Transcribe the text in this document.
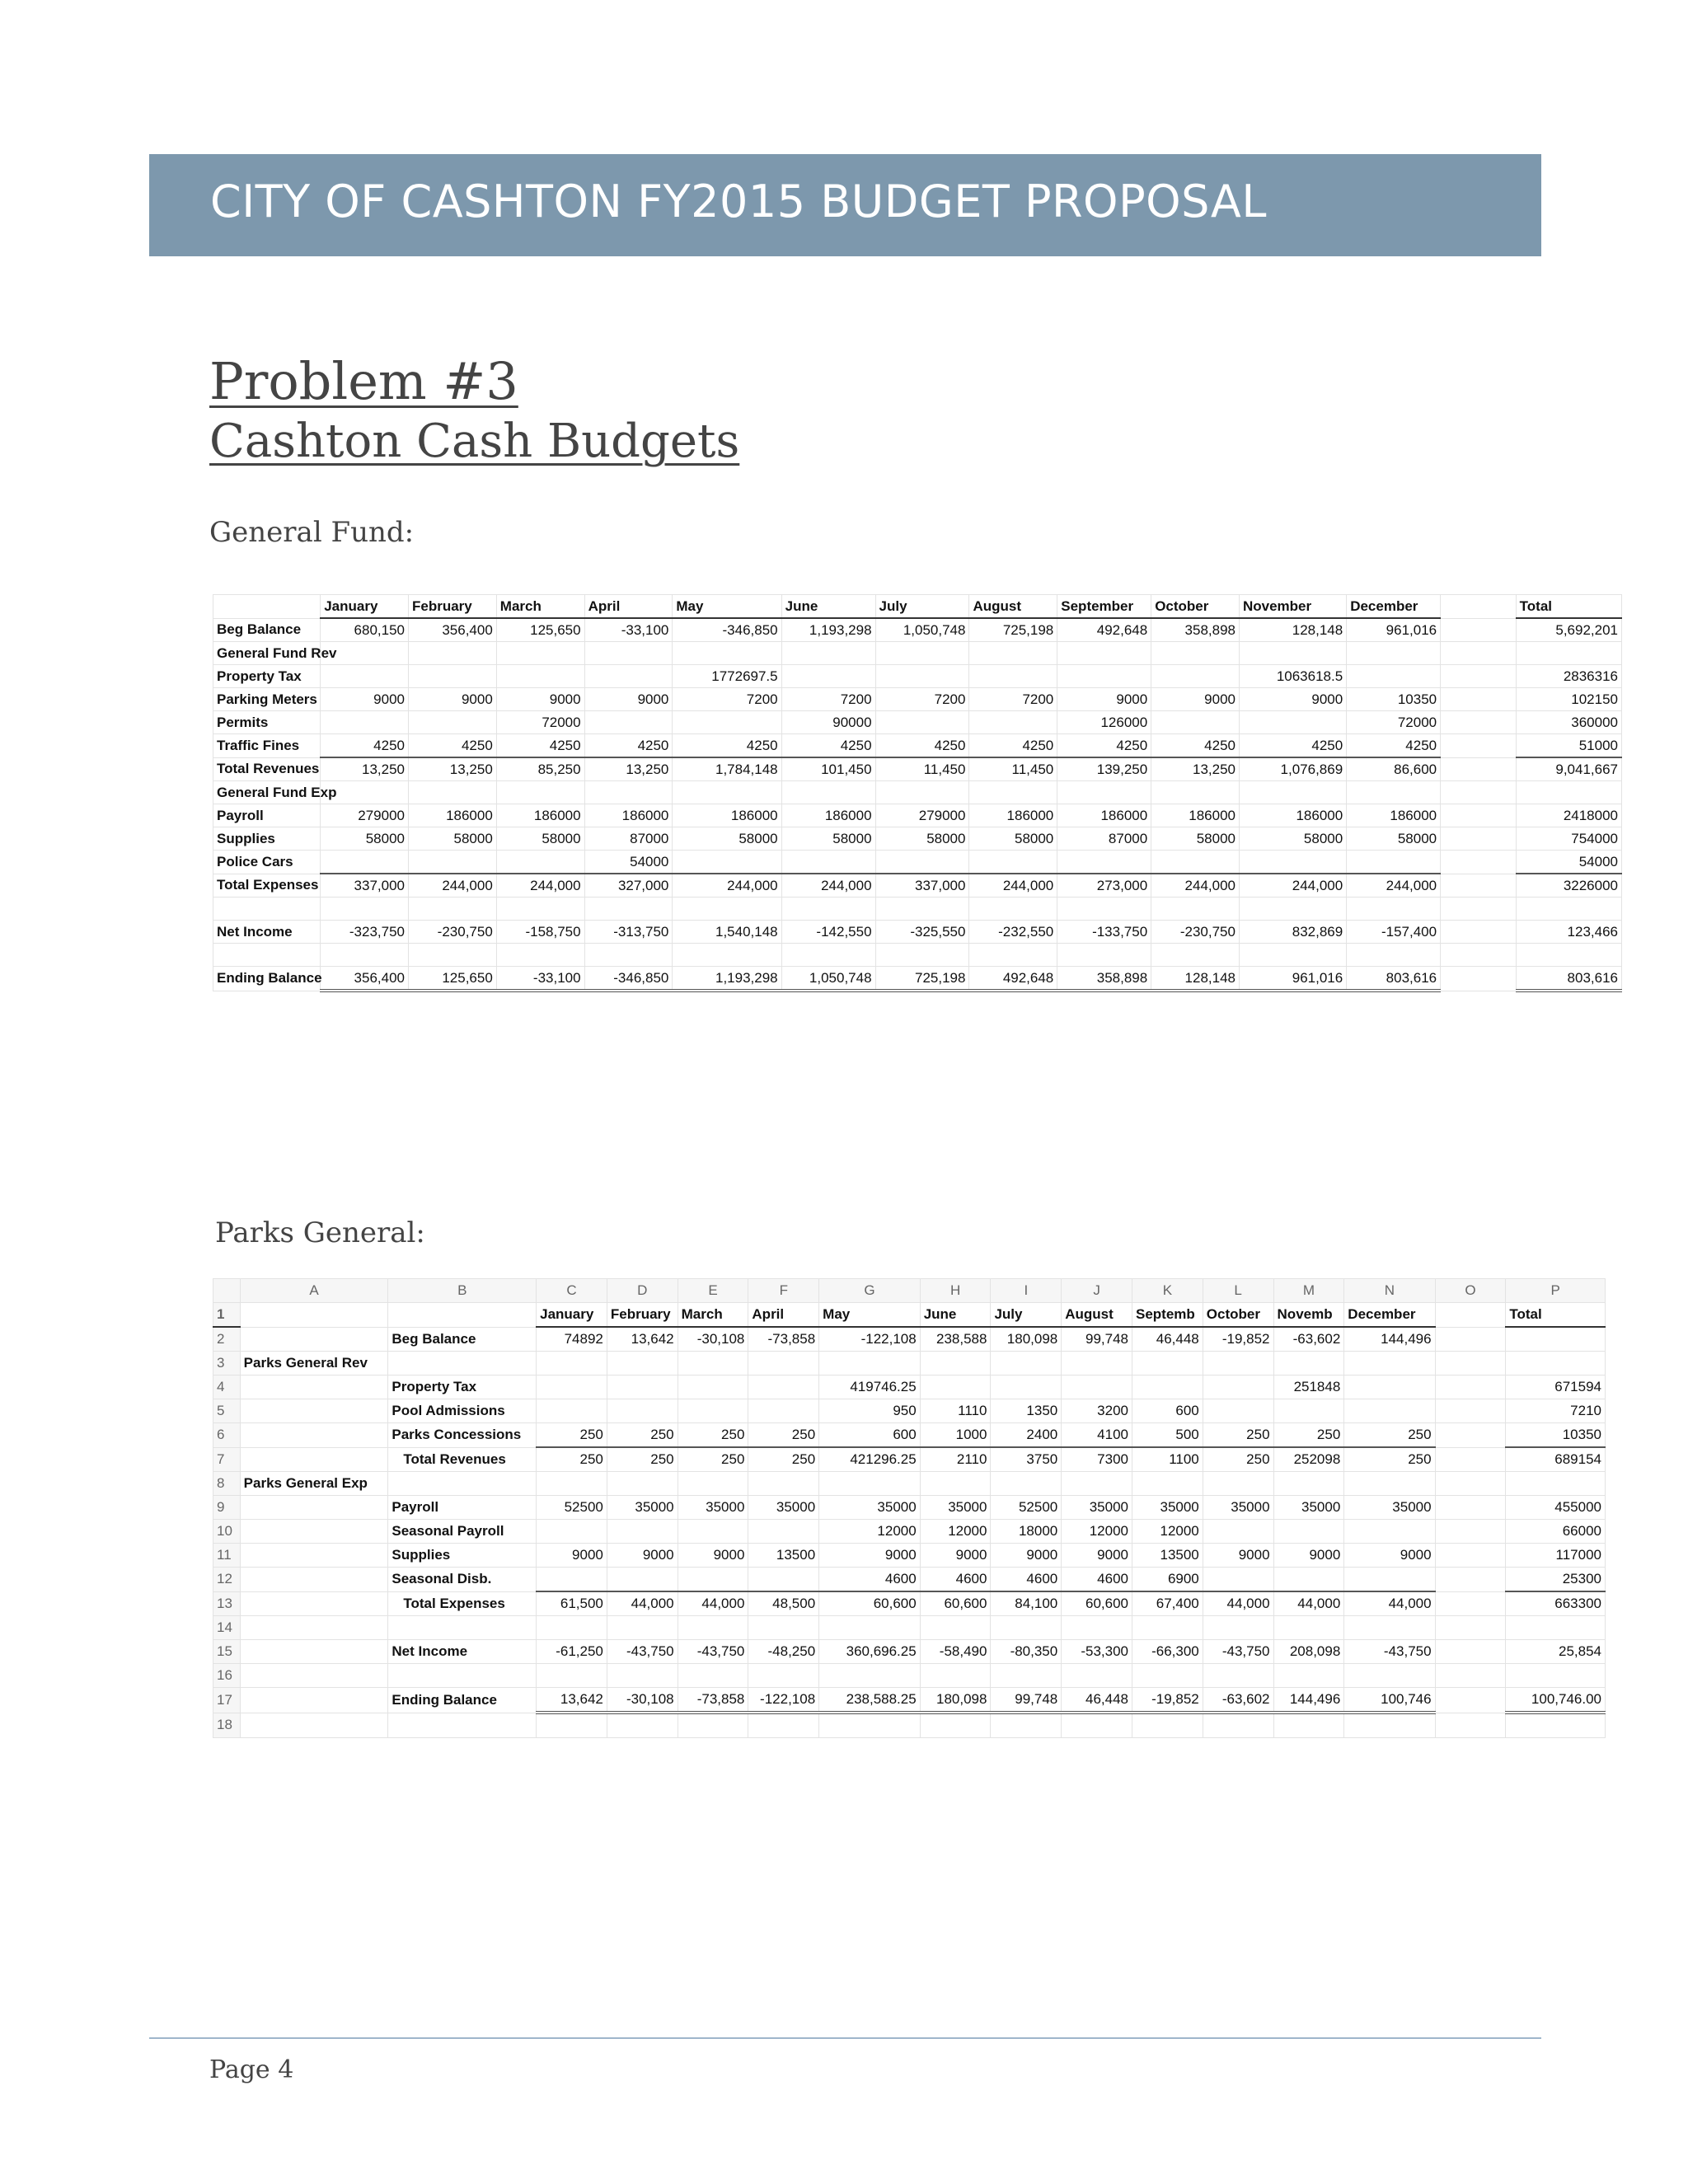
CITY OF CASHTON FY2015 BUDGET PROPOSAL
Problem #3
Cashton Cash Budgets
General Fund:
	January	February	March	April	May	June	July	August	September	October	November	December		Total
Beg Balance	680,150	356,400	125,650	-33,100	-346,850	1,193,298	1,050,748	725,198	492,648	358,898	128,148	961,016		5,692,201
General Fund Rev														
Property Tax					1772697.5						1063618.5			2836316
Parking Meters	9000	9000	9000	9000	7200	7200	7200	7200	9000	9000	9000	10350		102150
Permits			72000			90000			126000			72000		360000
Traffic Fines	4250	4250	4250	4250	4250	4250	4250	4250	4250	4250	4250	4250		51000
Total Revenues	13,250	13,250	85,250	13,250	1,784,148	101,450	11,450	11,450	139,250	13,250	1,076,869	86,600		9,041,667
General Fund Exp														
Payroll	279000	186000	186000	186000	186000	186000	279000	186000	186000	186000	186000	186000		2418000
Supplies	58000	58000	58000	87000	58000	58000	58000	58000	87000	58000	58000	58000		754000
Police Cars				54000										54000
Total Expenses	337,000	244,000	244,000	327,000	244,000	244,000	337,000	244,000	273,000	244,000	244,000	244,000		3226000

Net Income	-323,750	-230,750	-158,750	-313,750	1,540,148	-142,550	-325,550	-232,550	-133,750	-230,750	832,869	-157,400		123,466

Ending Balance	356,400	125,650	-33,100	-346,850	1,193,298	1,050,748	725,198	492,648	358,898	128,148	961,016	803,616		803,616
Parks General:
	A	B	C	D	E	F	G	H	I	J	K	L	M	N	O	P
1			January	February	March	April	May	June	July	August	Septemb	October	Novemb	December		Total
2		Beg Balance	74892	13,642	-30,108	-73,858	-122,108	238,588	180,098	99,748	46,448	-19,852	-63,602	144,496		
3	Parks General Rev															
4		Property Tax					419746.25						251848			671594
5		Pool Admissions					950	1110	1350	3200	600					7210
6		Parks Concessions	250	250	250	250	600	1000	2400	4100	500	250	250	250		10350
7		Total Revenues	250	250	250	250	421296.25	2110	3750	7300	1100	250	252098	250		689154
8	Parks General Exp															
9		Payroll	52500	35000	35000	35000	35000	35000	52500	35000	35000	35000	35000	35000		455000
10		Seasonal Payroll					12000	12000	18000	12000	12000					66000
11		Supplies	9000	9000	9000	13500	9000	9000	9000	9000	13500	9000	9000	9000		117000
12		Seasonal Disb.					4600	4600	4600	4600	6900					25300
13		Total Expenses	61,500	44,000	44,000	48,500	60,600	60,600	84,100	60,600	67,400	44,000	44,000	44,000		663300
14																
15		Net Income	-61,250	-43,750	-43,750	-48,250	360,696.25	-58,490	-80,350	-53,300	-66,300	-43,750	208,098	-43,750		25,854
16																
17		Ending Balance	13,642	-30,108	-73,858	-122,108	238,588.25	180,098	99,748	46,448	-19,852	-63,602	144,496	100,746		100,746.00
18																
Page 4
